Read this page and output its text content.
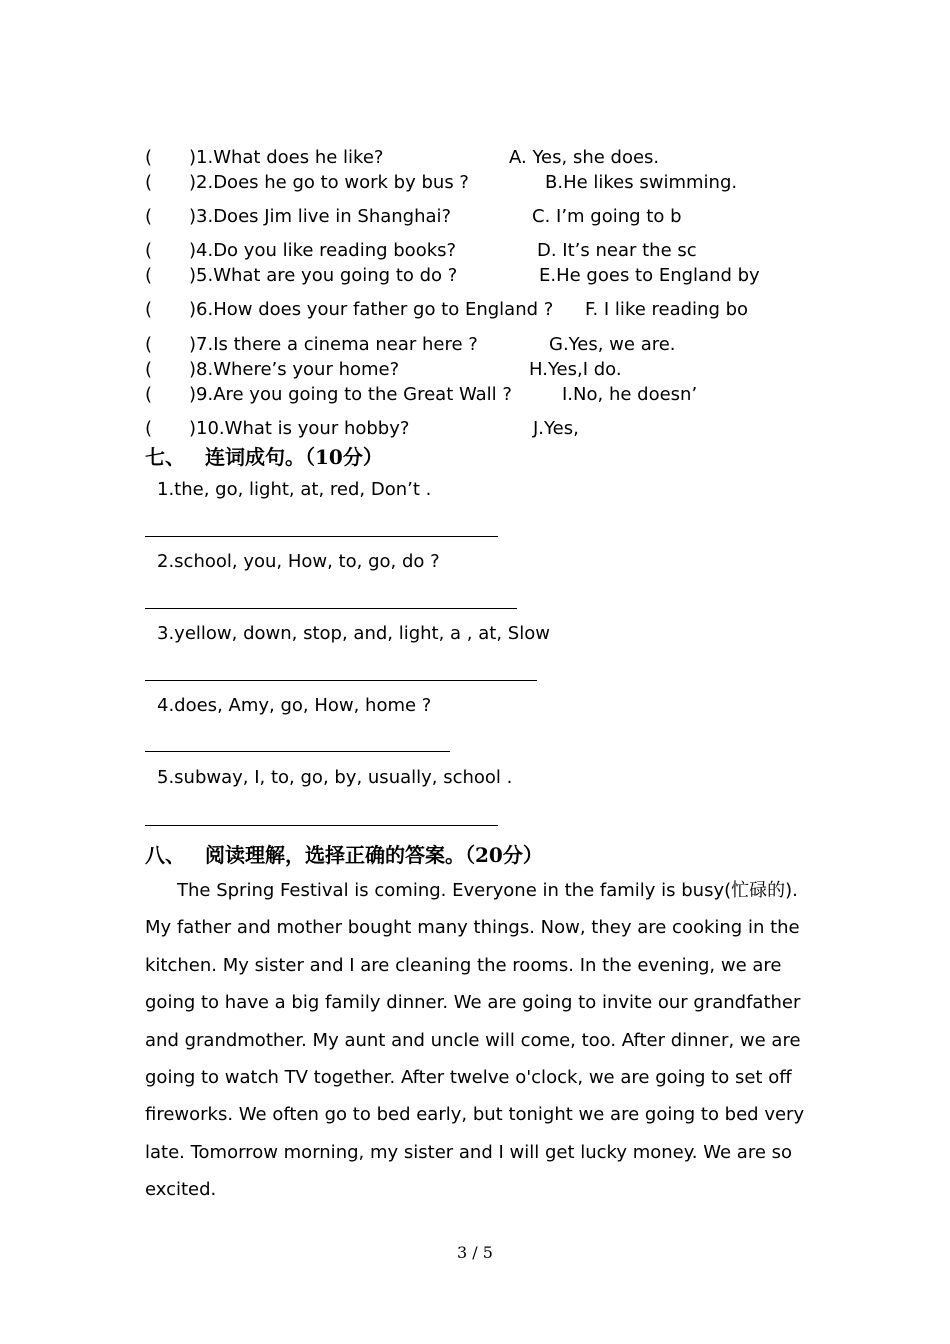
( )1.What does he like?	A. Yes, she does.
( )2.Does he go to work by bus ?	B.He likes swimming.
( )3.Does Jim live in Shanghai?	C. I’m going to b
( )4.Do you like reading books?	D. It’s near the sc
( )5.What are you going to do ?	E.He goes to England by
( )6.How does your father go to England ? F. I like reading bo
( )7.Is there a cinema near here ?	G.Yes, we are.
( )8.Where’s your home?	H.Yes,I do.
( )9.Are you going to the Great Wall ?	I.No, he doesn’
( )10.What is your hobby?	J.Yes,
七、 连词成句。（10分）
1.the, go, light, at, red, Don’t .
2.school, you, How, to, go, do ?
3.yellow, down, stop, and, light, a , at, Slow
4.does, Amy, go, How, home ?
5.subway, I, to, go, by, usually, school .
八、 阅读理解，选择正确的答案。（20分）

The Spring Festival is coming. Everyone in the family is busy(忙碌的). My father and mother bought many things. Now, they are cooking in the kitchen. My sister and I are cleaning the rooms. In the evening, we are going to have a big family dinner. We are going to invite our grandfather and grandmother. My aunt and uncle will come, too. After dinner, we are going to watch TV together. After twelve o'clock, we are going to set off fireworks. We often go to bed early, but tonight we are going to bed very late. Tomorrow morning, my sister and I will get lucky money. We are so excited.

3 / 5
